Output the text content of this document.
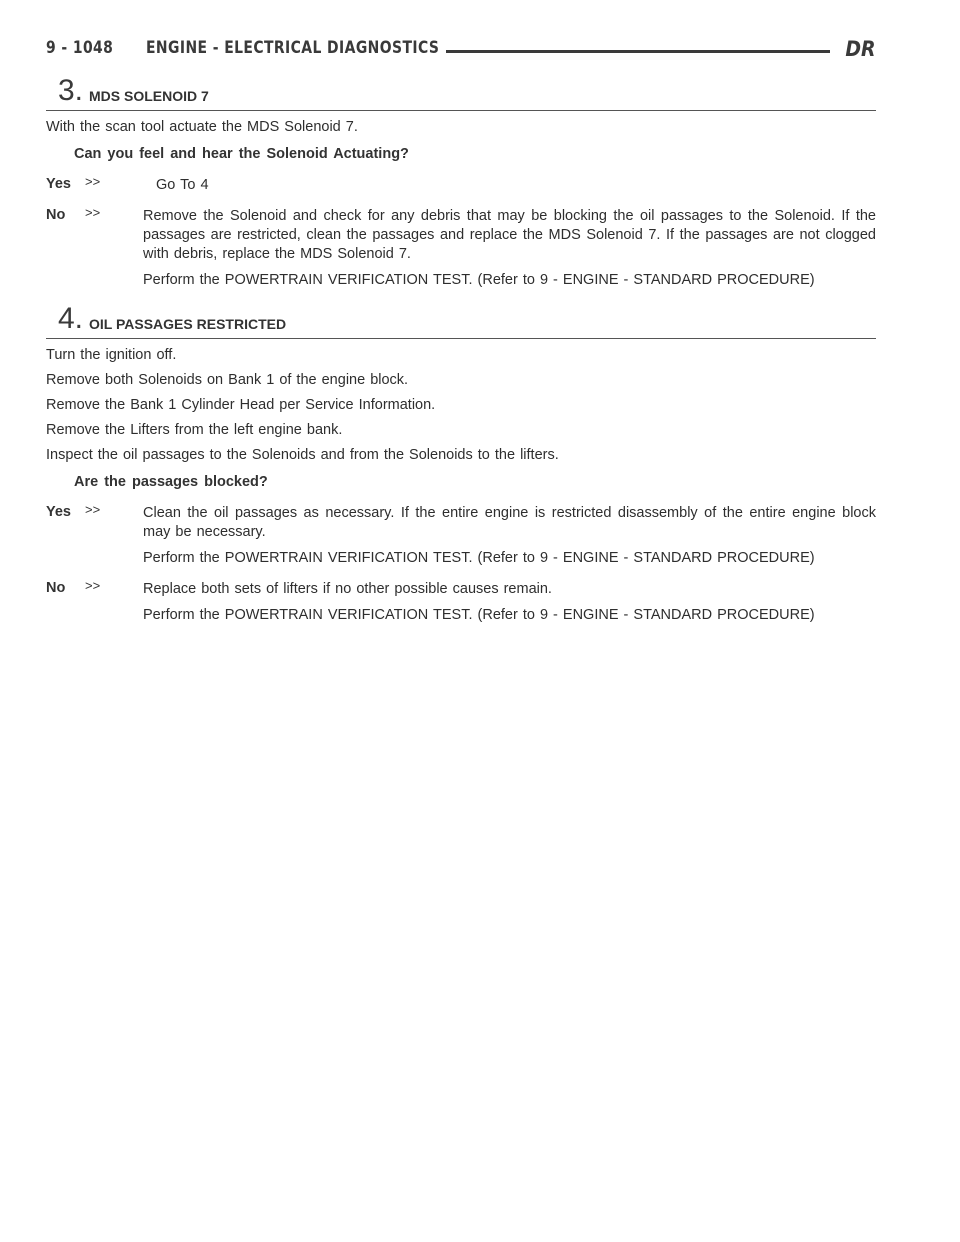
9 - 1048 ENGINE - ELECTRICAL DIAGNOSTICS	DR
3. MDS SOLENOID 7

With the scan tool actuate the MDS Solenoid 7.

Can you feel and hear the Solenoid Actuating?

Yes >>	Go To 4

No >>	Remove the Solenoid and check for any debris that may be blocking the oil passages to the Solenoid. If the passages are restricted, clean the passages and replace the MDS Solenoid 7. If the passages are not clogged with debris, replace the MDS Solenoid 7.

Perform the POWERTRAIN VERIFICATION TEST. (Refer to 9 - ENGINE - STANDARD PROCEDURE)

4. OIL PASSAGES RESTRICTED

Turn the ignition off.

Remove both Solenoids on Bank 1 of the engine block.

Remove the Bank 1 Cylinder Head per Service Information.

Remove the Lifters from the left engine bank.

Inspect the oil passages to the Solenoids and from the Solenoids to the lifters.

Are the passages blocked?

Yes >>	Clean the oil passages as necessary. If the entire engine is restricted disassembly of the entire engine block may be necessary.

Perform the POWERTRAIN VERIFICATION TEST. (Refer to 9 - ENGINE - STANDARD PROCEDURE)

No >>	Replace both sets of lifters if no other possible causes remain.

Perform the POWERTRAIN VERIFICATION TEST. (Refer to 9 - ENGINE - STANDARD PROCEDURE)
